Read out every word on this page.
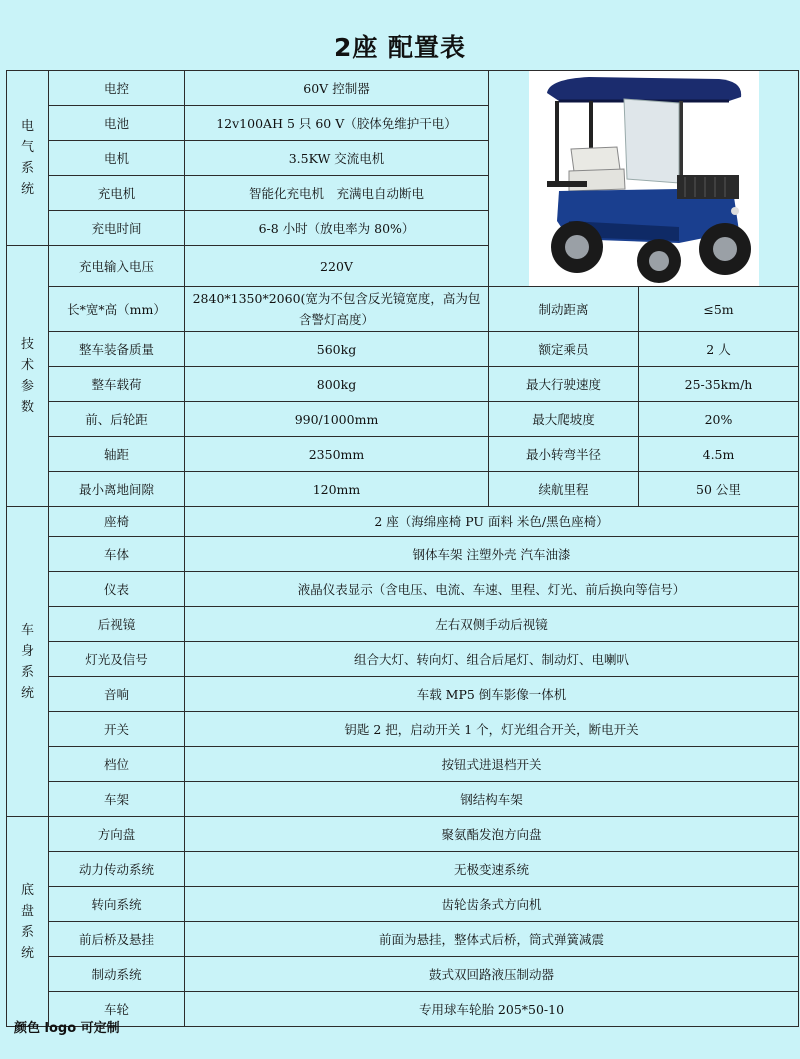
2座 配置表
电气系统	电控	60V 控制器	

	电池	12v100AH 5 只 60 V（胶体免维护干电）		
	电机	3.5KW 交流电机		
	充电机	智能化充电机　充满电自动断电		
	充电时间	6-8 小时（放电率为 80%）		
技术参数	充电输入电压	220V		
	长*宽*高（mm）	2840*1350*2060(宽为不包含反光镜宽度，高为包含警灯高度）	制动距离	≤5m
	整车装备质量	560kg	额定乘员	2 人
	整车载荷	800kg	最大行驶速度	25-35km/h
	前、后轮距	990/1000mm	最大爬坡度	20%
	轴距	2350mm	最小转弯半径	4.5m
	最小离地间隙	120mm	续航里程	50 公里
车身系统	座椅	2 座（海绵座椅 PU 面料 米色/黑色座椅）		
	车体	钢体车架 注塑外壳 汽车油漆		
	仪表	液晶仪表显示（含电压、电流、车速、里程、灯光、前后换向等信号）		
	后视镜	左右双侧手动后视镜		
	灯光及信号	组合大灯、转向灯、组合后尾灯、制动灯、电喇叭		
	音响	车载 MP5 倒车影像一体机		
	开关	钥匙 2 把，启动开关 1 个，灯光组合开关，断电开关		
	档位	按钮式进退档开关		
	车架	钢结构车架		
底盘系统	方向盘	聚氨酯发泡方向盘		
	动力传动系统	无极变速系统		
	转向系统	齿轮齿条式方向机		
	前后桥及悬挂	前面为悬挂，整体式后桥，筒式弹簧减震		
	制动系统	鼓式双回路液压制动器		
	车轮	专用球车轮胎 205*50-10		
颜色 logo 可定制
